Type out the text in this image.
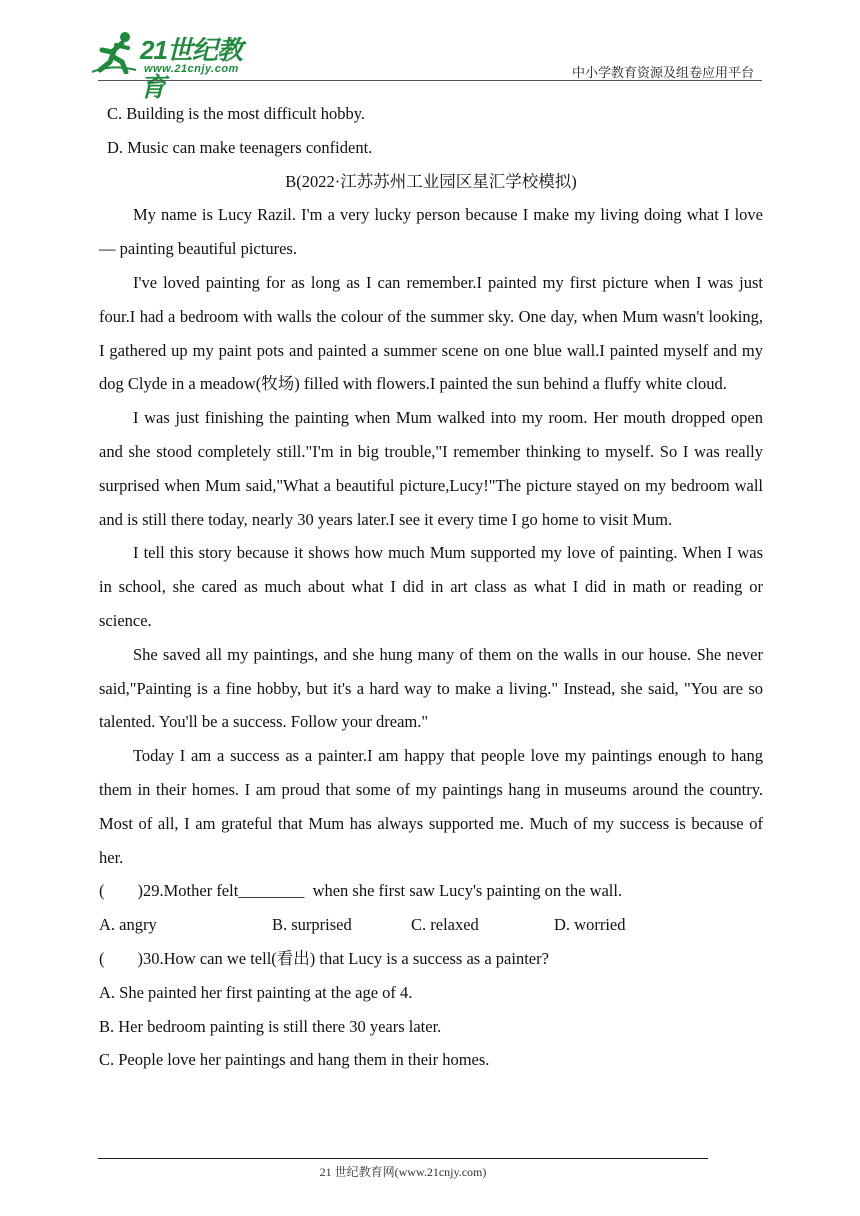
21世纪教育
www.21cnjy.com	中小学教育资源及组卷应用平台

C. Building is the most difficult hobby.

D. Music can make teenagers confident.

B(2022·江苏苏州工业园区星汇学校模拟)

My name is Lucy Razil. I'm a very lucky person because I make my living doing what I love — painting beautiful pictures.

I've loved painting for as long as I can remember.I painted my first picture when I was just four.I had a bedroom with walls the colour of the summer sky. One day, when Mum wasn't looking, I gathered up my paint pots and painted a summer scene on one blue wall.I painted myself and my dog Clyde in a meadow(牧场) filled with flowers.I painted the sun behind a fluffy white cloud.

I was just finishing the painting when Mum walked into my room. Her mouth dropped open and she stood completely still."I'm in big trouble,"I remember thinking to myself. So I was really surprised when Mum said,"What a beautiful picture,Lucy!"The picture stayed on my bedroom wall and is still there today, nearly 30 years later.I see it every time I go home to visit Mum.

I tell this story because it shows how much Mum supported my love of painting. When I was in school, she cared as much about what I did in art class as what I did in math or reading or science.

She saved all my paintings, and she hung many of them on the walls in our house. She never said,"Painting is a fine hobby, but it's a hard way to make a living." Instead, she said, "You are so talented. You'll be a success. Follow your dream."

Today I am a success as a painter.I am happy that people love my paintings enough to hang them in their homes. I am proud that some of my paintings hang in museums around the country. Most of all, I am grateful that Mum has always supported me. Much of my success is because of her.

(        )29.Mother felt________  when she first saw Lucy's painting on the wall.

A. angry	B. surprised	C. relaxed	D. worried

(        )30.How can we tell(看出) that Lucy is a success as a painter?

A. She painted her first painting at the age of 4.

B. Her bedroom painting is still there 30 years later.

C. People love her paintings and hang them in their homes.

21 世纪教育网(www.21cnjy.com)
